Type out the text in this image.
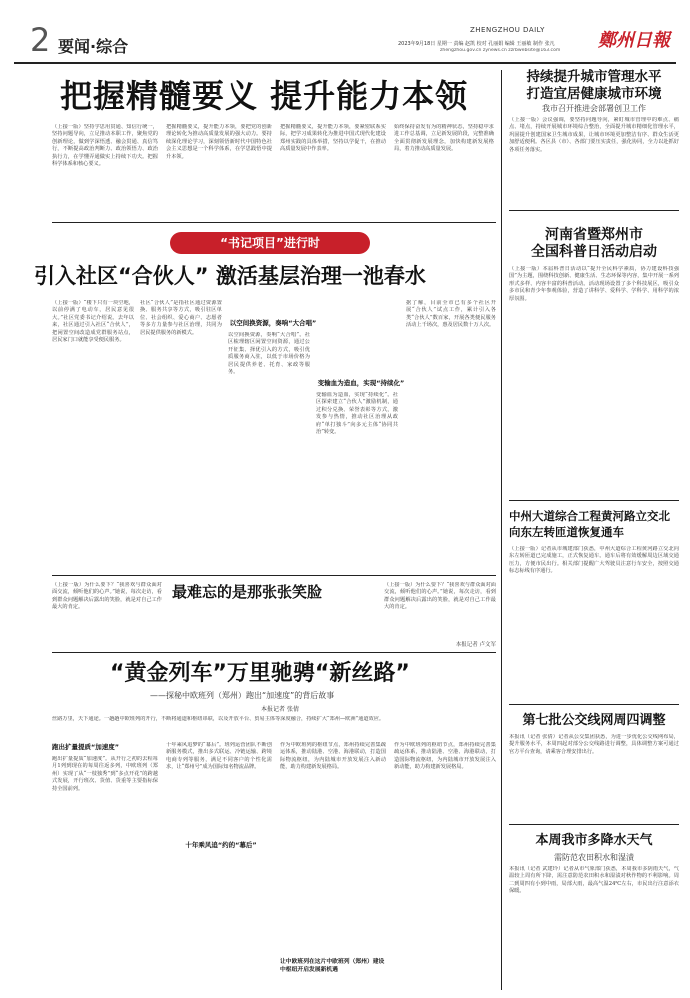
2 要闻·综合
ZHENGZHOU DAILY
2023年9月18日 星期一 责编 赵凯 校对 孔丽娟 编辑 王丽敏 制作 张凡
zhengzhou.gov.cn zynews.cn zzrbwebsite@163.com	鄭州日報
把握精髓要义 提升能力本领
（上接一版）坚持学思用贯通、知信行统一，坚持问题导向，立足推动本职工作，聚焦党的创新理论，做到学深悟透、融会贯通、真信笃行，不断提高政治判断力、政治领悟力、政治执行力，在学懂弄通做实上持续下功夫。把握科学体系和核心要义。
把握精髓要义，提升能力本领，要把党的创新理论转化为推动高质量发展的强大动力。要持续深化理论学习，深刻领悟新时代中国特色社会主义思想是一个科学体系，在学思践悟中提升本领。
把握精髓要义，提升能力本领，要紧密联系实际，把学习成果转化为推进中国式现代化建设郑州实践的具体举措，坚持以学促干，在推动高质量发展中作表率。
始终保持奋发有为的精神状态，坚持稳中求进工作总基调，立足新发展阶段，完整准确全面贯彻新发展理念，加快构建新发展格局，着力推动高质量发展。
持续提升城市管理水平
打造宜居健康城市环境
我市召开推进会部署创卫工作
（上接一版）会议强调，要坚持问题导向，紧盯城市管理中的难点、痛点、堵点，持续开展城市环境综合整治，全面提升城市精细化管理水平，巩固提升创建国家卫生城市成果，让城市环境更加整洁有序、群众生活更加舒适便利。各区县（市）、各部门要压实责任，强化协同，全力以赴抓好各项任务落实。
河南省暨郑州市
全国科普日活动启动
（上接一版）本届科普日活动以“提升全民科学素质，协力建设科技强国”为主题，围绕科技创新、健康生活、生态环保等内容，集中开展一系列形式多样、内容丰富的科普活动。活动现场设置了多个科技展区，吸引众多市民和青少年参观体验，营造了讲科学、爱科学、学科学、用科学的浓厚氛围。
“书记项目”进行时
引入社区“合伙人” 激活基层治理一池春水
（上接一版）“楼下只有一块空地，以前停满了电动车，居民意见很大。”社区党委书记介绍说。去年以来，社区通过引入社区“合伙人”，把闲置空间改造成党群服务站点，居民家门口就能享受便民服务。
社区“合伙人”是指社区通过资源置换、服务共享等方式，吸引驻区单位、社会组织、爱心商户、志愿者等多方力量参与社区治理，共同为居民提供服务的新模式。
以空间换资源，奏响“大合唱”
以空间换资源，奏响“大合唱”。社区梳理辖区闲置空间资源，通过公开征集、择优引入的方式，吸引优质服务商入驻，以低于市场价格为居民提供养老、托育、家政等服务。
变输血为造血，实现“持续化”
变输血为造血，实现“持续化”。社区探索建立“合伙人”激励机制，通过积分兑换、荣誉表彰等方式，激发参与热情，推动社区治理从政府“单打独斗”向多元主体“协同共治”转变。
据了解，目前全市已有多个社区开展“合伙人”试点工作，累计引入各类“合伙人”数百家，开展各类便民服务活动上千场次，惠及居民数十万人次。
（上接一版）为什么要下？“我喜欢与群众面对面交流，倾听他们的心声。”她说，每次走访，看到群众问题解决后露出的笑脸，就是对自己工作最大的肯定。
最难忘的是那张张笑脸	（上接一版）为什么要下？“我喜欢与群众面对面交流，倾听他们的心声。”她说，每次走访，看到群众问题解决后露出的笑脸，就是对自己工作最大的肯定。
本报记者 卢文军
“黄金列车”万里驰骋“新丝路”
——探秘中欧班列（郑州）跑出“加速度”的背后故事
本报记者 张倩
丝路万里，天下通途。一趟趟中欧班列的开行，不断将通道和枢纽串联，以及开放平台、贸易主体等深度融合，持续扩大“郑州—欧洲”通道效应。
跑出扩量提质“加速度”
跑出扩量提质“加速度”。从开行之初的去程每月1列到现在的每周往返多列，中欧班列（郑州）实现了从“一枝独秀”到“多点开花”的跨越式发展，开行班次、货值、货重等主要指标保持全国前列。
十年乘风追“约的“幕后”
十年乘风追梦的“幕后”。班列运营团队不断创新服务模式，推出多式联运、冷链运输、跨境电商专列等服务，满足不同客户的个性化需求，让“郑州号”成为国际知名物流品牌。
作为中欧班列的枢纽节点，郑州持续完善集疏运体系，推动陆港、空港、海港联动，打造国际物流枢纽，为内陆城市开放发展注入新动能，助力构建新发展格局。
让中欧班列在这片中欧班列（郑州）建设中枢纽开启发展新机遇
作为中欧班列的枢纽节点，郑州持续完善集疏运体系，推动陆港、空港、海港联动，打造国际物流枢纽，为内陆城市开放发展注入新动能，助力构建新发展格局。
中州大道综合工程黄河路立交北向东左转匝道恢复通车
（上接一版）记者从市城建部门获悉，中州大道综合工程黄河路立交北向东左转匝道已完成施工，正式恢复通车。通车后将有效缓解周边区域交通压力，方便市民出行。相关部门提醒广大驾驶员注意行车安全，按照交通标志标线有序通行。
第七批公交线网周四调整
本报讯（记者 张倩）记者从公交集团获悉，为进一步优化公交线网布局，提升服务水平，本周四起对部分公交线路进行调整，具体调整方案可通过官方平台查询，请乘客合理安排出行。
本周我市多降水天气
需防范农田积水和湿渍
本报讯（记者 武建玲）记者从市气象部门获悉，本周我市多阴雨天气，气温较上周有所下降，需注意防范农田积水和湿渍对秋作物的不利影响。周二到周四有小到中雨，局部大雨，最高气温24℃左右，市民出行注意添衣保暖。
